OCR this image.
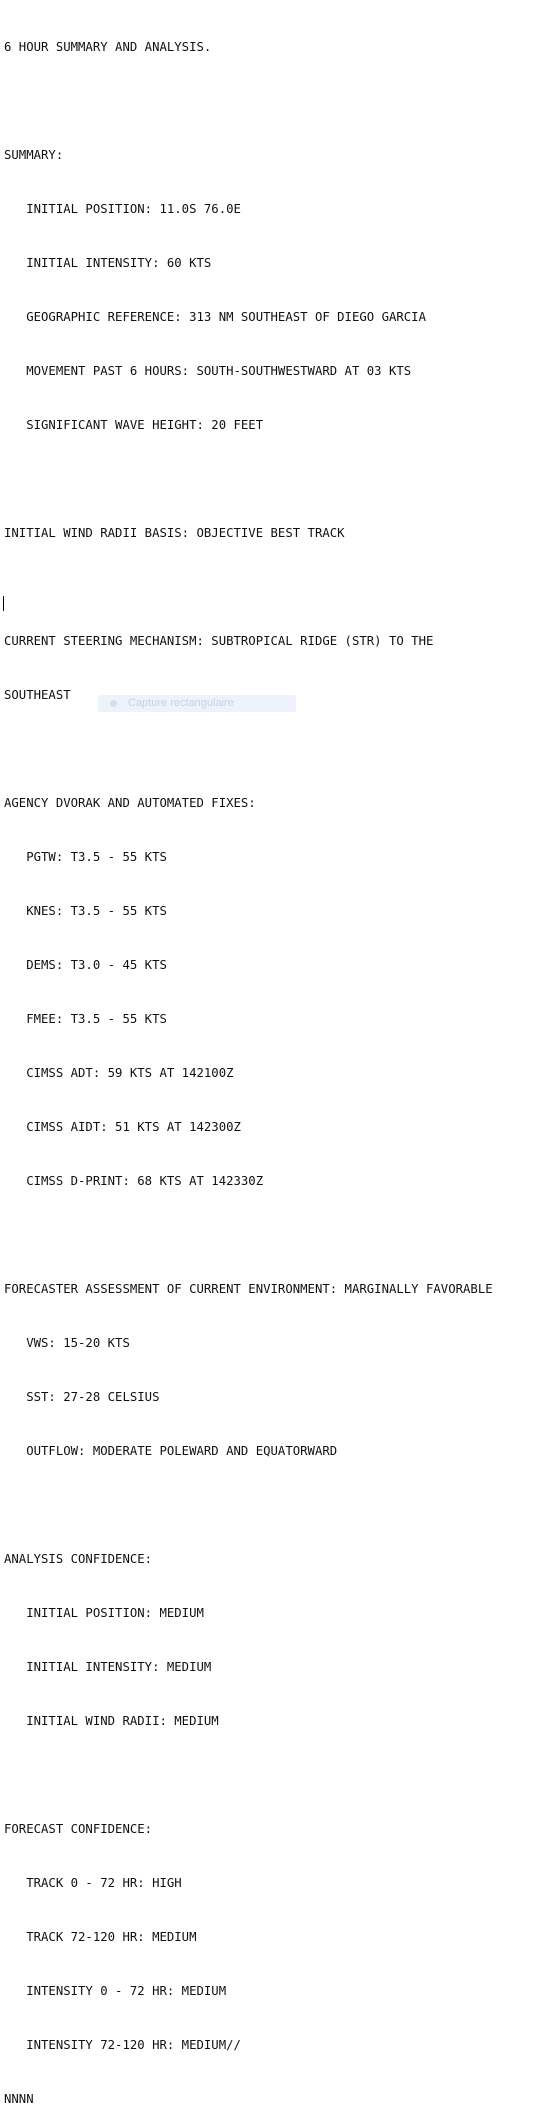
6 HOUR SUMMARY AND ANALYSIS.

SUMMARY:

INITIAL POSITION: 11.0S 76.0E

INITIAL INTENSITY: 60 KTS

GEOGRAPHIC REFERENCE: 313 NM SOUTHEAST OF DIEGO GARCIA

MOVEMENT PAST 6 HOURS: SOUTH-SOUTHWESTWARD AT 03 KTS

SIGNIFICANT WAVE HEIGHT: 20 FEET

INITIAL WIND RADII BASIS: OBJECTIVE BEST TRACK

CURRENT STEERING MECHANISM: SUBTROPICAL RIDGE (STR) TO THE

SOUTHEAST

AGENCY DVORAK AND AUTOMATED FIXES:

PGTW: T3.5 - 55 KTS

KNES: T3.5 - 55 KTS

DEMS: T3.0 - 45 KTS

FMEE: T3.5 - 55 KTS

CIMSS ADT: 59 KTS AT 142100Z

CIMSS AIDT: 51 KTS AT 142300Z

CIMSS D-PRINT: 68 KTS AT 142330Z

FORECASTER ASSESSMENT OF CURRENT ENVIRONMENT: MARGINALLY FAVORABLE

VWS: 15-20 KTS

SST: 27-28 CELSIUS

OUTFLOW: MODERATE POLEWARD AND EQUATORWARD

ANALYSIS CONFIDENCE:

INITIAL POSITION: MEDIUM

INITIAL INTENSITY: MEDIUM

INITIAL WIND RADII: MEDIUM

FORECAST CONFIDENCE:

TRACK 0 - 72 HR: HIGH

TRACK 72-120 HR: MEDIUM

INTENSITY 0 - 72 HR: MEDIUM

INTENSITY 72-120 HR: MEDIUM//

NNNN

Capture rectangulaire
